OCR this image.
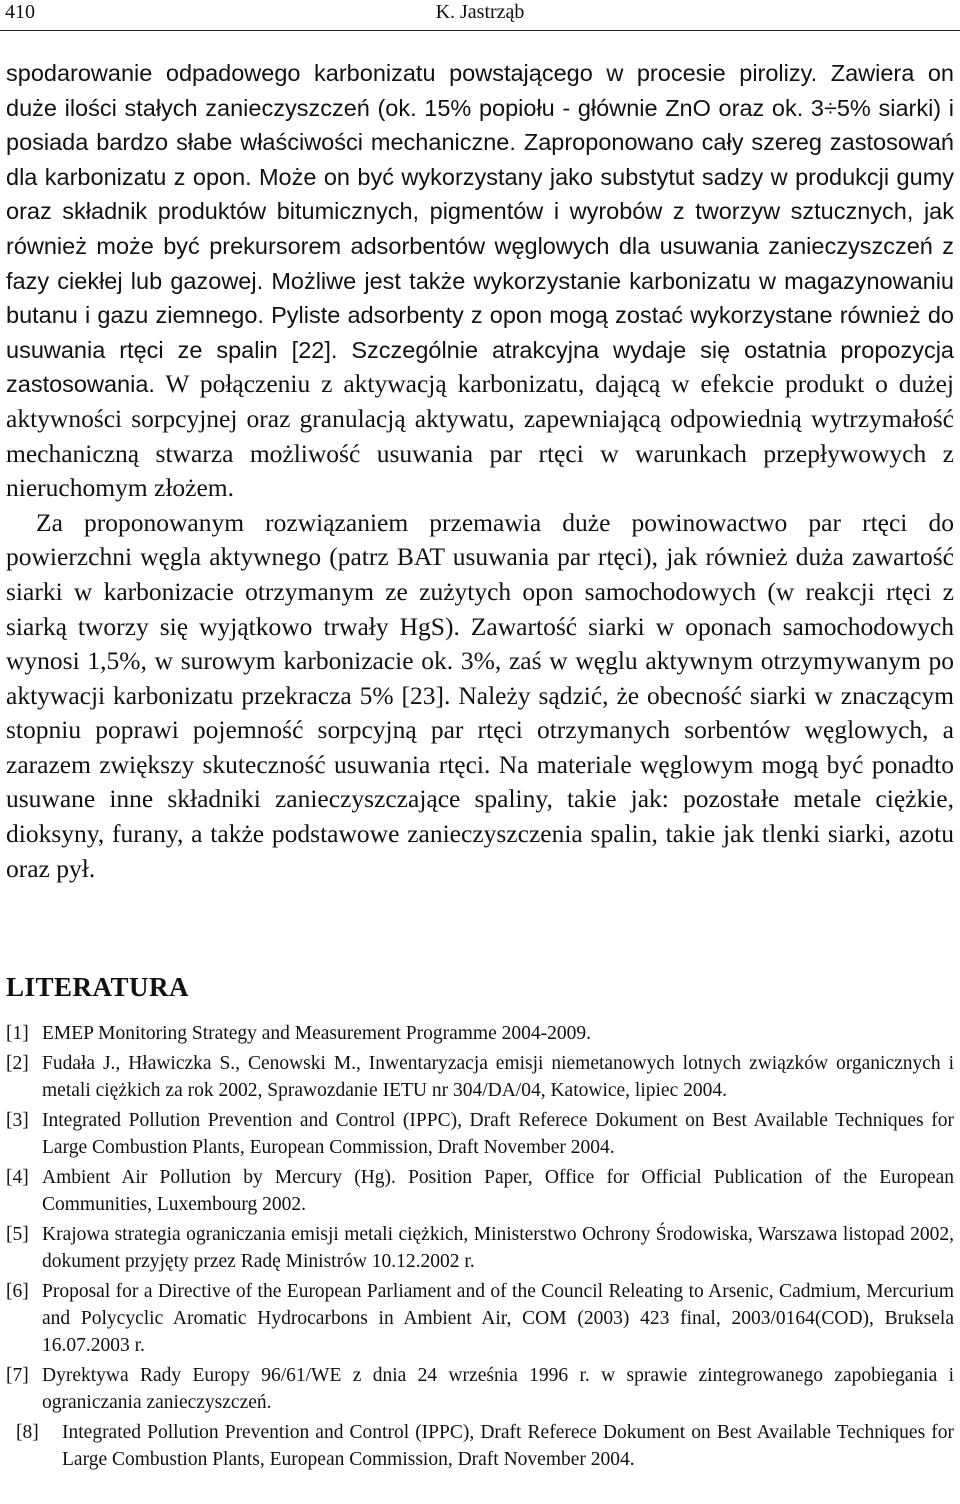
410	K. Jastrząb

spodarowanie odpadowego karbonizatu powstającego w procesie pirolizy. Zawiera on duże ilości stałych zanieczyszczeń (ok. 15% popiołu - głównie ZnO oraz ok. 3÷5% siarki) i posiada bardzo słabe właściwości mechaniczne. Zaproponowano cały szereg zastosowań dla karbonizatu z opon. Może on być wykorzystany jako substytut sadzy w produkcji gumy oraz składnik produktów bitumicznych, pigmentów i wyrobów z tworzyw sztucznych, jak również może być prekursorem adsorbentów węglowych dla usuwania zanieczyszczeń z fazy ciekłej lub gazowej. Możliwe jest także wykorzystanie karbonizatu w magazynowaniu butanu i gazu ziemnego. Pyliste adsorbenty z opon mogą zostać wykorzystane również do usuwania rtęci ze spalin [22]. Szczególnie atrakcyjna wydaje się ostatnia propozycja zastosowania. W połączeniu z aktywacją karbonizatu, dającą w efekcie produkt o dużej aktywności sorpcyjnej oraz granulacją aktywatu, zapewniającą odpowiednią wytrzymałość mechaniczną stwarza możliwość usuwania par rtęci w warunkach przepływowych z nieruchomym złożem.

Za proponowanym rozwiązaniem przemawia duże powinowactwo par rtęci do powierzchni węgla aktywnego (patrz BAT usuwania par rtęci), jak również duża zawartość siarki w karbonizacie otrzymanym ze zużytych opon samochodowych (w reakcji rtęci z siarką tworzy się wyjątkowo trwały HgS). Zawartość siarki w oponach samochodowych wynosi 1,5%, w surowym karbonizacie ok. 3%, zaś w węglu aktywnym otrzymywanym po aktywacji karbonizatu przekracza 5% [23]. Należy sądzić, że obecność siarki w znaczącym stopniu poprawi pojemność sorpcyjną par rtęci otrzymanych sorbentów węglowych, a zarazem zwiększy skuteczność usuwania rtęci. Na materiale węglowym mogą być ponadto usuwane inne składniki zanieczyszczające spaliny, takie jak: pozostałe metale ciężkie, dioksyny, furany, a także podstawowe zanieczyszczenia spalin, takie jak tlenki siarki, azotu oraz pył.

LITERATURA
[1] EMEP Monitoring Strategy and Measurement Programme 2004-2009.
[2] Fudała J., Hławiczka S., Cenowski M., Inwentaryzacja emisji niemetanowych lotnych związków organicznych i metali ciężkich za rok 2002, Sprawozdanie IETU nr 304/DA/04, Katowice, lipiec 2004.
[3] Integrated Pollution Prevention and Control (IPPC), Draft Referece Dokument on Best Available Techniques for Large Combustion Plants, European Commission, Draft November 2004.
[4] Ambient Air Pollution by Mercury (Hg). Position Paper, Office for Official Publication of the European Communities, Luxembourg 2002.
[5] Krajowa strategia ograniczania emisji metali ciężkich, Ministerstwo Ochrony Środowiska, Warszawa listopad 2002, dokument przyjęty przez Radę Ministrów 10.12.2002 r.
[6] Proposal for a Directive of the European Parliament and of the Council Releating to Arsenic, Cadmium, Mercurium and Polycyclic Aromatic Hydrocarbons in Ambient Air, COM (2003) 423 final, 2003/0164(COD), Bruksela 16.07.2003 r.
[7] Dyrektywa Rady Europy 96/61/WE z dnia 24 września 1996 r. w sprawie zintegrowanego zapobiegania i ograniczania zanieczyszczeń.
[8] Integrated Pollution Prevention and Control (IPPC), Draft Referece Dokument on Best Available Techniques for Large Combustion Plants, European Commission, Draft November 2004.
